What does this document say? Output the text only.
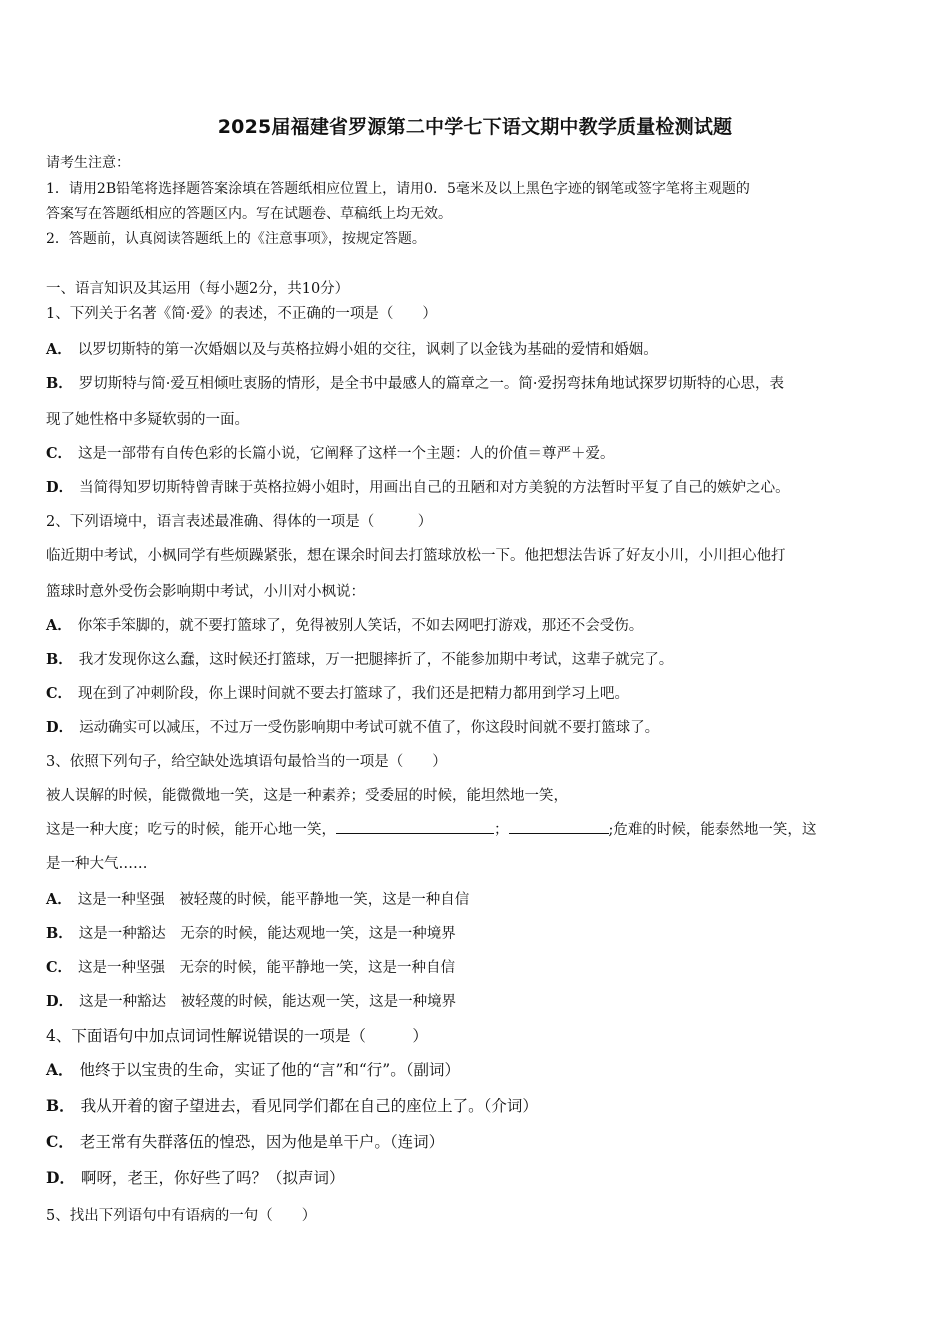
2025届福建省罗源第二中学七下语文期中教学质量检测试题
请考生注意：
1．请用2B铅笔将选择题答案涂填在答题纸相应位置上，请用0．5毫米及以上黑色字迹的钢笔或签字笔将主观题的
答案写在答题纸相应的答题区内。写在试题卷、草稿纸上均无效。
2．答题前，认真阅读答题纸上的《注意事项》，按规定答题。
一、语言知识及其运用（每小题2分，共10分）
1、下列关于名著《简·爱》的表述，不正确的一项是（　　）
A． 以罗切斯特的第一次婚姻以及与英格拉姆小姐的交往，讽刺了以金钱为基础的爱情和婚姻。
B． 罗切斯特与简·爱互相倾吐衷肠的情形，是全书中最感人的篇章之一。简·爱拐弯抹角地试探罗切斯特的心思，表
现了她性格中多疑软弱的一面。
C． 这是一部带有自传色彩的长篇小说，它阐释了这样一个主题：人的价值＝尊严＋爱。
D． 当简得知罗切斯特曾青睐于英格拉姆小姐时，用画出自己的丑陋和对方美貌的方法暂时平复了自己的嫉妒之心。
2、下列语境中，语言表述最准确、得体的一项是（　　　）
临近期中考试，小枫同学有些烦躁紧张，想在课余时间去打篮球放松一下。他把想法告诉了好友小川，小川担心他打
篮球时意外受伤会影响期中考试，小川对小枫说：
A． 你笨手笨脚的，就不要打篮球了，免得被别人笑话，不如去网吧打游戏，那还不会受伤。
B． 我才发现你这么蠢，这时候还打篮球，万一把腿摔折了，不能参加期中考试，这辈子就完了。
C． 现在到了冲刺阶段，你上课时间就不要去打篮球了，我们还是把精力都用到学习上吧。
D． 运动确实可以减压，不过万一受伤影响期中考试可就不值了，你这段时间就不要打篮球了。
3、依照下列句子，给空缺处选填语句最恰当的一项是（　　）
被人误解的时候，能微微地一笑，这是一种素养；受委屈的时候，能坦然地一笑，
这是一种大度；吃亏的时候，能开心地一笑，	；	;危难的时候，能泰然地一笑，这
是一种大气……
A． 这是一种坚强　被轻蔑的时候，能平静地一笑，这是一种自信
B． 这是一种豁达　无奈的时候，能达观地一笑，这是一种境界
C． 这是一种坚强　无奈的时候，能平静地一笑，这是一种自信
D． 这是一种豁达　被轻蔑的时候，能达观一笑，这是一种境界
4、下面语句中加点词词性解说错误的一项是（　　　）
A． 他终于以宝贵的生命，实证了他的“言”和“行”。（副词）
B． 我从开着的窗子望进去，看见同学们都在自己的座位上了。（介词）
C． 老王常有失群落伍的惶恐，因为他是单干户。（连词）
D． 啊呀，老王，你好些了吗？（拟声词）
5、找出下列语句中有语病的一句（　　）
